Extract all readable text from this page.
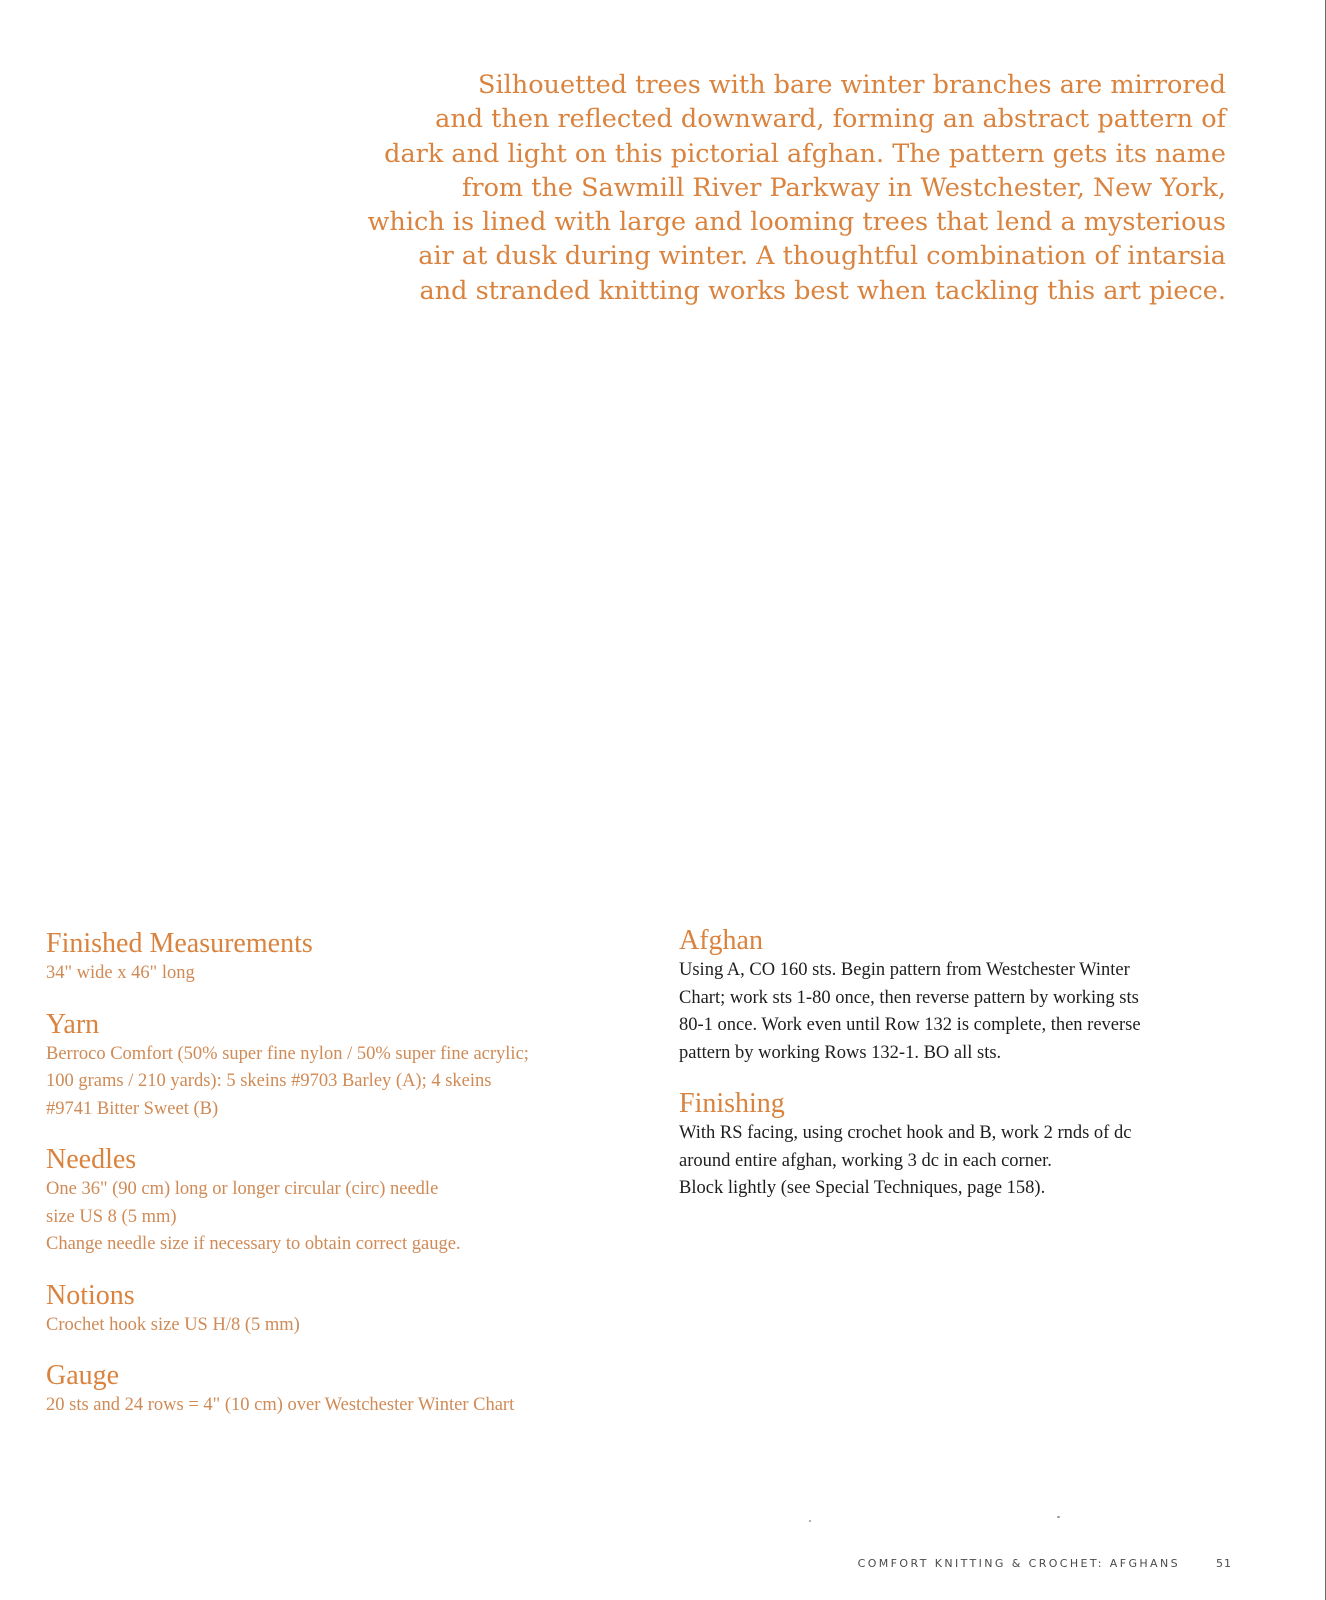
Silhouetted trees with bare winter branches are mirrored
and then reflected downward, forming an abstract pattern of
dark and light on this pictorial afghan. The pattern gets its name
from the Sawmill River Parkway in Westchester, New York,
which is lined with large and looming trees that lend a mysterious
air at dusk during winter. A thoughtful combination of intarsia
and stranded knitting works best when tackling this art piece.
Finished Measurements
34" wide x 46" long
Yarn
Berroco Comfort (50% super fine nylon / 50% super fine acrylic;
100 grams / 210 yards): 5 skeins #9703 Barley (A); 4 skeins
#9741 Bitter Sweet (B)
Needles
One 36" (90 cm) long or longer circular (circ) needle
size US 8 (5 mm)
Change needle size if necessary to obtain correct gauge.
Notions
Crochet hook size US H/8 (5 mm)
Gauge
20 sts and 24 rows = 4" (10 cm) over Westchester Winter Chart
Afghan
Using A, CO 160 sts. Begin pattern from Westchester Winter
Chart; work sts 1-80 once, then reverse pattern by working sts
80-1 once. Work even until Row 132 is complete, then reverse
pattern by working Rows 132-1. BO all sts.
Finishing
With RS facing, using crochet hook and B, work 2 rnds of dc
around entire afghan, working 3 dc in each corner.
Block lightly (see Special Techniques, page 158).
COMFORT KNITTING & CROCHET: AFGHANS	51
